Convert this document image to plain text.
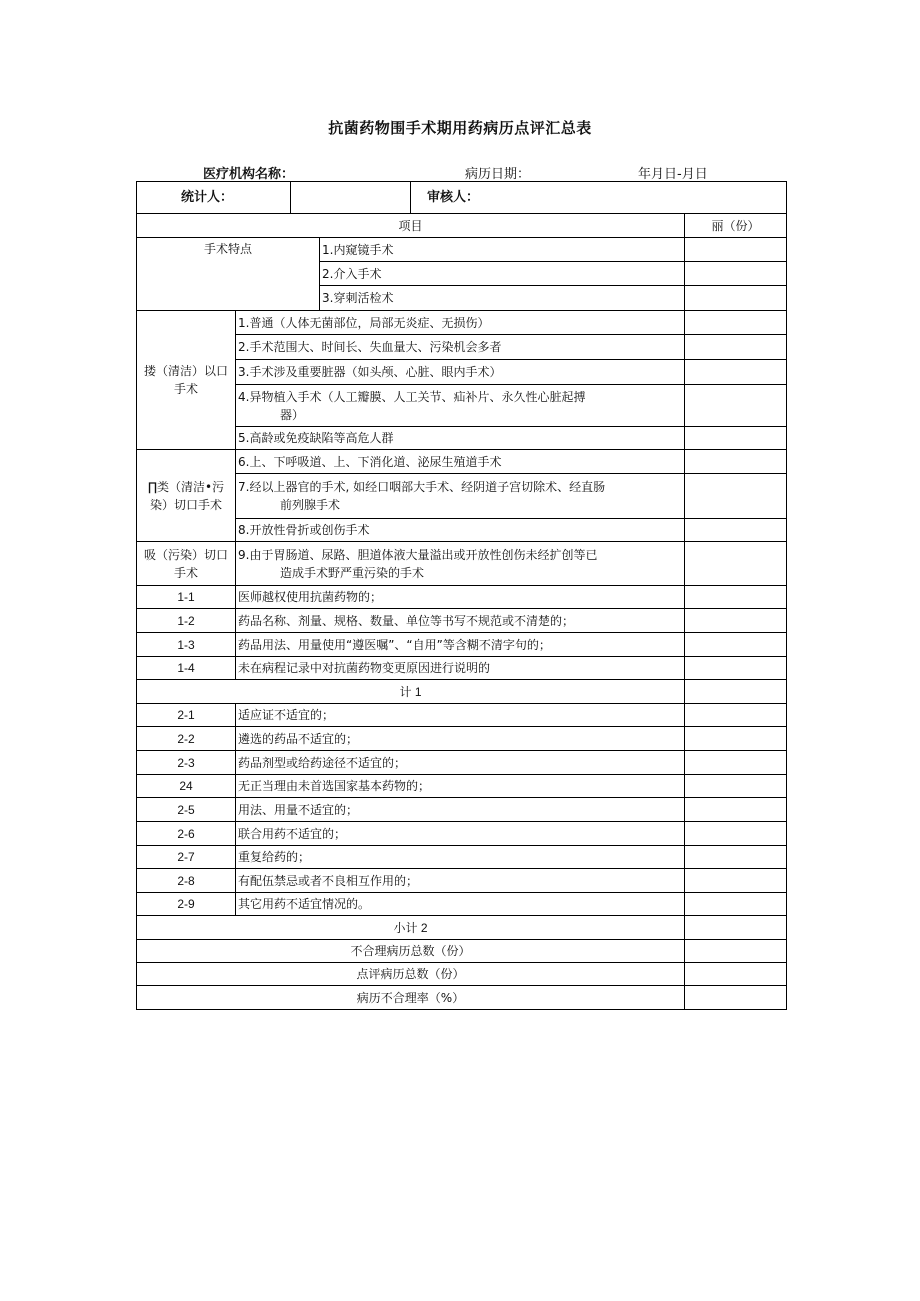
抗菌药物围手术期用药病历点评汇总表
医疗机构名称：	病历日期：	年月日-月日
统计人：				审核人：	
项目					丽（份）
手术特点			1.内窥镜手术		
			2.介入手术		
			3.穿刺活检术		
搂（清洁）以口手术	1.普通（人体无菌部位，局部无炎症、无损伤）				
	2.手术范围大、时间长、失血量大、污染机会多者				
	3.手术涉及重要脏器（如头颅、心脏、眼内手术）				
	4.异物植入手术（人工瓣膜、人工关节、疝补片、永久性心脏起搏
器）				

	5.高龄或免疫缺陷等高危人群				
∏类（清洁•污染）切口手术	6.上、下呼吸道、上、下消化道、泌尿生殖道手术				
	7.经以上器官的手术, 如经口咽部大手术、经阴道子宫切除术、经直肠
前列腺手术				

	8.开放性骨折或创伤手术				
吸（污染）切口手术	9.由于胃肠道、尿路、胆道体液大量溢出或开放性创伤未经扩创等已
造成手术野严重污染的手术				

1-1	医师越权使用抗菌药物的；				
1-2	药品名称、剂量、规格、数量、单位等书写不规范或不清楚的；				
1-3	药品用法、用量使用“遵医嘱”、“自用”等含糊不清字句的；				
1-4	未在病程记录中对抗菌药物变更原因进行说明的				
计 1					
2-1	适应证不适宜的；				
2-2	遴选的药品不适宜的；				
2-3	药品剂型或给药途径不适宜的；				
24	无正当理由未首选国家基本药物的；				
2-5	用法、用量不适宜的；				
2-6	联合用药不适宜的；				
2-7	重复给药的；				
2-8	有配伍禁忌或者不良相互作用的；				
2-9	其它用药不适宜情况的。				
小计 2					
不合理病历总数（份）					
点评病历总数（份）					
病历不合理率（%）					
